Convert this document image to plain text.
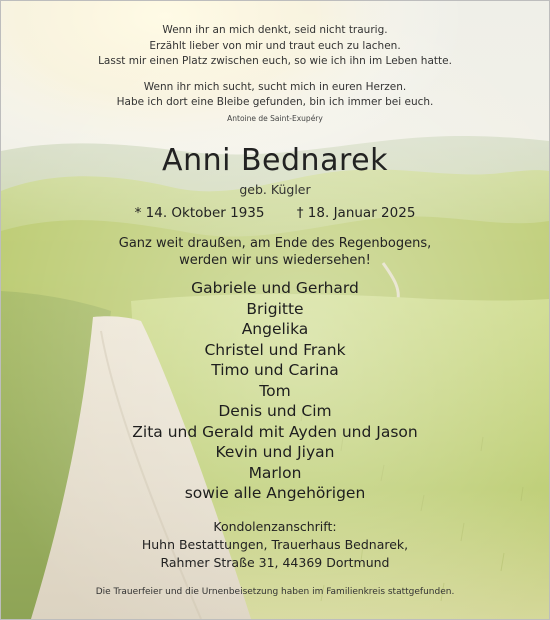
Wenn ihr an mich denkt, seid nicht traurig.
Erzählt lieber von mir und traut euch zu lachen.
Lasst mir einen Platz zwischen euch, so wie ich ihn im Leben hatte.
Wenn ihr mich sucht, sucht mich in euren Herzen.
Habe ich dort eine Bleibe gefunden, bin ich immer bei euch.
Antoine de Saint-Exupéry
Anni Bednarek
geb. Kügler
* 14. Oktober 1935 † 18. Januar 2025
Ganz weit draußen, am Ende des Regenbogens,
werden wir uns wiedersehen!
Gabriele und Gerhard
Brigitte
Angelika
Christel und Frank
Timo und Carina
Tom
Denis und Cim
Zita und Gerald mit Ayden und Jason
Kevin und Jiyan
Marlon
sowie alle Angehörigen
Kondolenzanschrift:
Huhn Bestattungen, Trauerhaus Bednarek,
Rahmer Straße 31, 44369 Dortmund
Die Trauerfeier und die Urnenbeisetzung haben im Familienkreis stattgefunden.
